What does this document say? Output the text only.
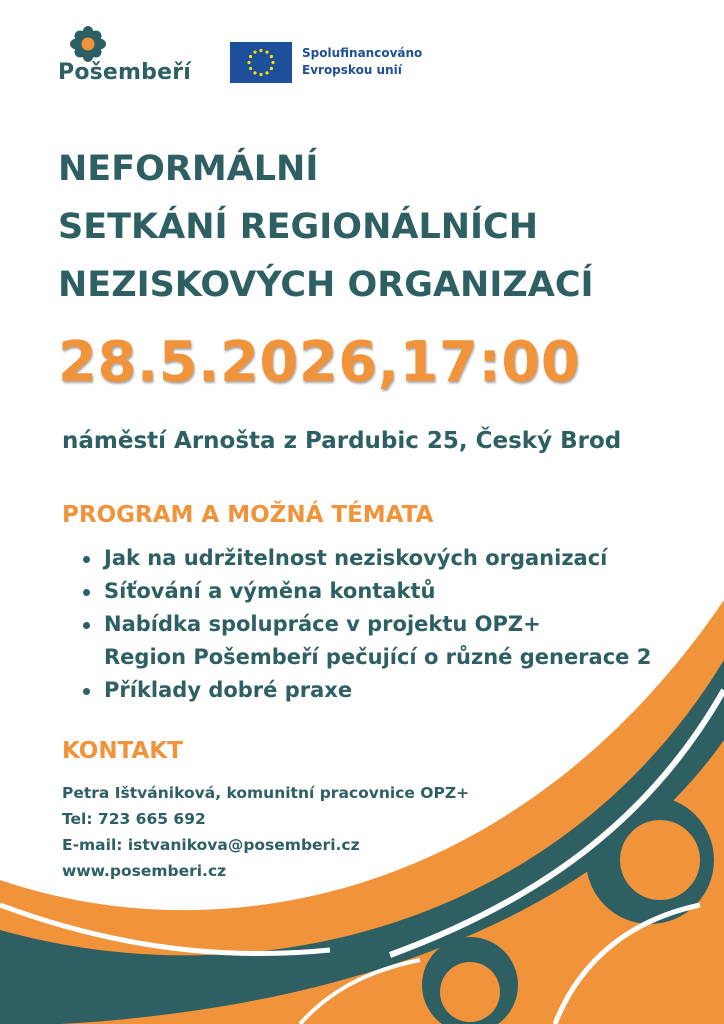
Pošembeří
Spolufinancováno
Evropskou unií
NEFORMÁLNÍ
SETKÁNÍ REGIONÁLNÍCH
NEZISKOVÝCH ORGANIZACÍ
28.5.2026,17:00
náměstí Arnošta z Pardubic 25, Český Brod
PROGRAM A MOŽNÁ TÉMATA
Jak na udržitelnost neziskových organizací
Síťování a výměna kontaktů
Nabídka spolupráce v projektu OPZ+
Region Pošembeří pečující o různé generace 2
Příklady dobré praxe
KONTAKT
Petra Ištvániková, komunitní pracovnice OPZ+
Tel: 723 665 692
E-mail: istvanikova@posemberi.cz
www.posemberi.cz
